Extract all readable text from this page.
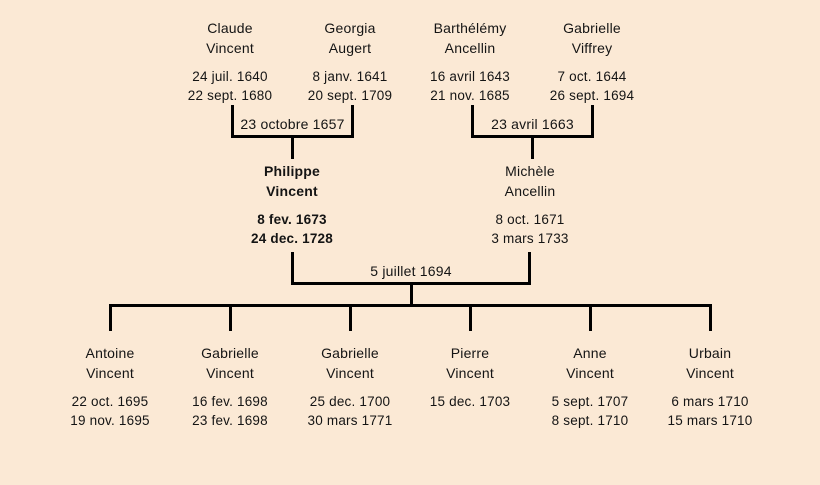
Claude
Vincent
24 juil. 1640
22 sept. 1680
Georgia
Augert
8 janv. 1641
20 sept. 1709
Barthélémy
Ancellin
16 avril 1643
21 nov. 1685
Gabrielle
Viffrey
7 oct. 1644
26 sept. 1694
23 octobre 1657	23 avril 1663
Philippe
Vincent
8 fev. 1673
24 dec. 1728
Michèle
Ancellin
8 oct. 1671
3 mars 1733
5 juillet 1694
Antoine
Vincent
22 oct. 1695
19 nov. 1695
Gabrielle
Vincent
16 fev. 1698
23 fev. 1698
Gabrielle
Vincent
25 dec. 1700
30 mars 1771
Pierre
Vincent
15 dec. 1703
Anne
Vincent
5 sept. 1707
8 sept. 1710
Urbain
Vincent
6 mars 1710
15 mars 1710
